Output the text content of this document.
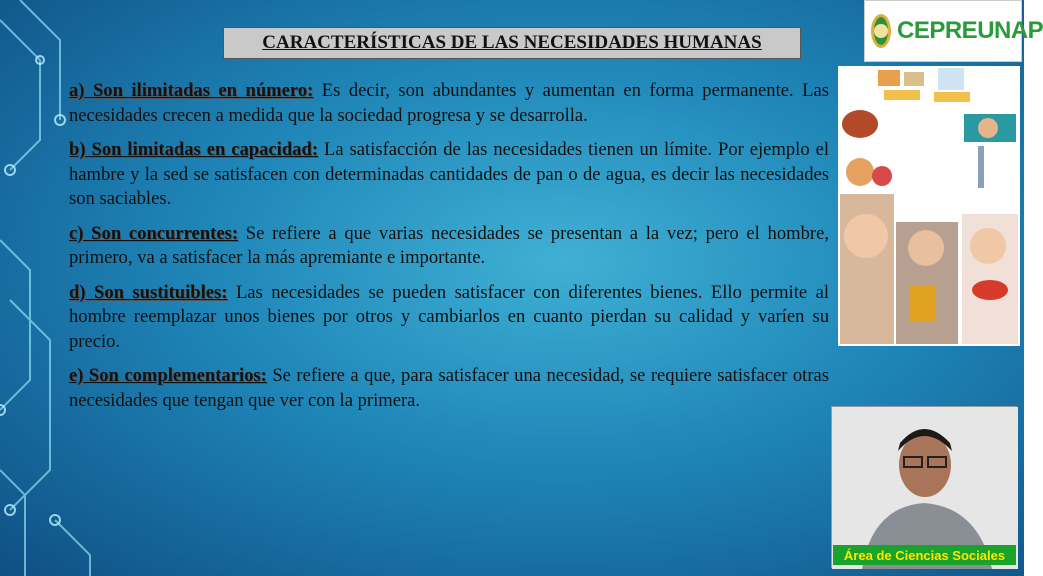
CARACTERÍSTICAS DE LAS NECESIDADES HUMANAS

a) Son ilimitadas en número: Es decir, son abundantes y aumentan en forma permanente. Las necesidades crecen a medida que la sociedad progresa y se desarrolla.

b) Son limitadas en capacidad: La satisfacción de las necesidades tienen un límite. Por ejemplo el hambre y la sed se satisfacen con determinadas cantidades de pan o de agua, es decir las necesidades son saciables.

c) Son concurrentes: Se refiere a que varias necesidades se presentan a la vez; pero el hombre, primero, va a satisfacer la más apremiante e importante.

d) Son sustituibles: Las necesidades se pueden satisfacer con diferentes bienes. Ello permite al hombre reemplazar unos bienes por otros y cambiarlos en cuanto pierdan su calidad y varíen su precio.

e) Son complementarios: Se refiere a que, para satisfacer una necesidad, se requiere satisfacer otras necesidades que tengan que ver con la primera.

CEPREUNAP
Área de Ciencias Sociales
